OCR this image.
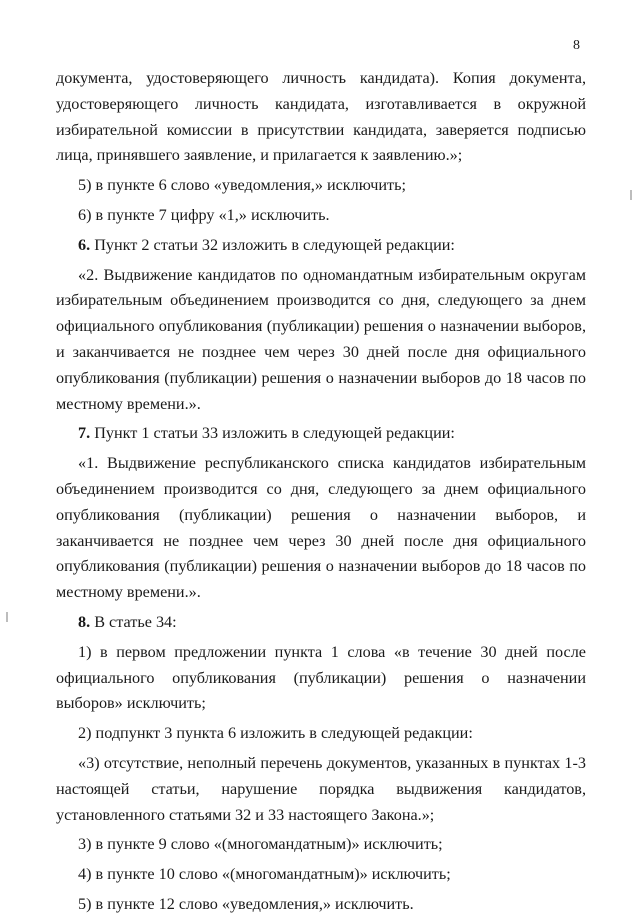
8

документа, удостоверяющего личность кандидата). Копия документа, удостоверяющего личность кандидата, изготавливается в окружной избирательной комиссии в присутствии кандидата, заверяется подписью лица, принявшего заявление, и прилагается к заявлению.»;

5) в пункте 6 слово «уведомления,» исключить;

6) в пункте 7 цифру «1,» исключить.

6. Пункт 2 статьи 32 изложить в следующей редакции:

«2. Выдвижение кандидатов по одномандатным избирательным округам избирательным объединением производится со дня, следующего за днем официального опубликования (публикации) решения о назначении выборов, и заканчивается не позднее чем через 30 дней после дня официального опубликования (публикации) решения о назначении выборов до 18 часов по местному времени.».

7. Пункт 1 статьи 33 изложить в следующей редакции:

«1. Выдвижение республиканского списка кандидатов избирательным объединением производится со дня, следующего за днем официального опубликования (публикации) решения о назначении выборов, и заканчивается не позднее чем через 30 дней после дня официального опубликования (публикации) решения о назначении выборов до 18 часов по местному времени.».

8. В статье 34:

1) в первом предложении пункта 1 слова «в течение 30 дней после официального опубликования (публикации) решения о назначении выборов» исключить;

2) подпункт 3 пункта 6 изложить в следующей редакции:

«3) отсутствие, неполный перечень документов, указанных в пунктах 1-3 настоящей статьи, нарушение порядка выдвижения кандидатов, установленного статьями 32 и 33 настоящего Закона.»;

3) в пункте 9 слово «(многомандатным)» исключить;

4) в пункте 10 слово «(многомандатным)» исключить;

5) в пункте 12 слово «уведомления,» исключить.
